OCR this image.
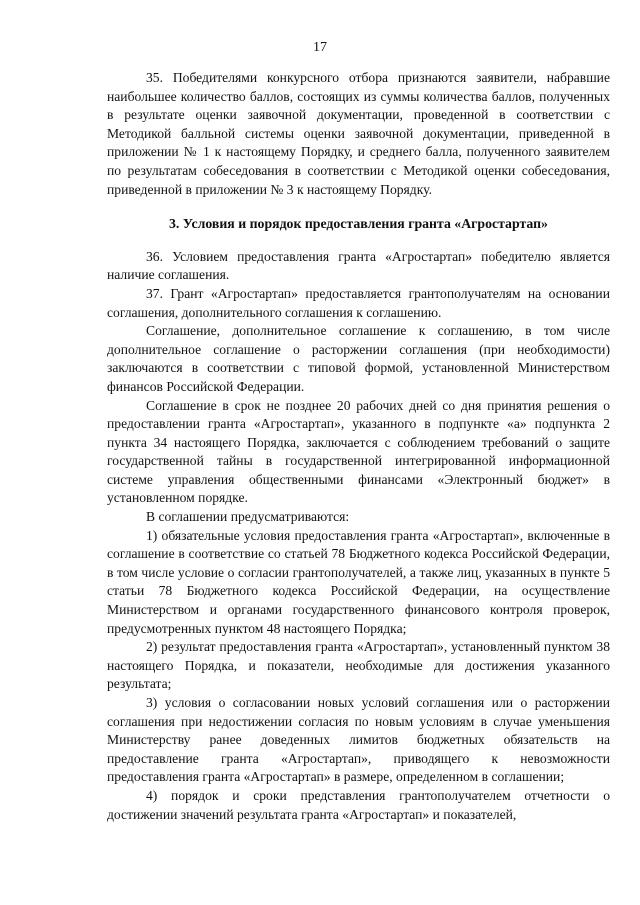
17

35. Победителями конкурсного отбора признаются заявители, набравшие наибольшее количество баллов, состоящих из суммы количества баллов, полученных в результате оценки заявочной документации, проведенной в соответствии с Методикой балльной системы оценки заявочной документации, приведенной в приложении № 1 к настоящему Порядку, и среднего балла, полученного заявителем по результатам собеседования в соответствии с Методикой оценки собеседования, приведенной в приложении № 3 к настоящему Порядку.

3. Условия и порядок предоставления гранта «Агростартап»

36. Условием предоставления гранта «Агростартап» победителю является наличие соглашения.

37. Грант «Агростартап» предоставляется грантополучателям на основании соглашения, дополнительного соглашения к соглашению.

Соглашение, дополнительное соглашение к соглашению, в том числе дополнительное соглашение о расторжении соглашения (при необходимости) заключаются в соответствии с типовой формой, установленной Министерством финансов Российской Федерации.

Соглашение в срок не позднее 20 рабочих дней со дня принятия решения о предоставлении гранта «Агростартап», указанного в подпункте «а» подпункта 2 пункта 34 настоящего Порядка, заключается с соблюдением требований о защите государственной тайны в государственной интегрированной информационной системе управления общественными финансами «Электронный бюджет» в установленном порядке.

В соглашении предусматриваются:

1) обязательные условия предоставления гранта «Агростартап», включенные в соглашение в соответствие со статьей 78 Бюджетного кодекса Российской Федерации, в том числе условие о согласии грантополучателей, а также лиц, указанных в пункте 5 статьи 78 Бюджетного кодекса Российской Федерации, на осуществление Министерством и органами государственного финансового контроля проверок, предусмотренных пунктом 48 настоящего Порядка;

2) результат предоставления гранта «Агростартап», установленный пунктом 38 настоящего Порядка, и показатели, необходимые для достижения указанного результата;

3) условия о согласовании новых условий соглашения или о расторжении соглашения при недостижении согласия по новым условиям в случае уменьшения Министерству ранее доведенных лимитов бюджетных обязательств на предоставление гранта «Агростартап», приводящего к невозможности предоставления гранта «Агростартап» в размере, определенном в соглашении;

4) порядок и сроки представления грантополучателем отчетности о достижении значений результата гранта «Агростартап» и показателей,
